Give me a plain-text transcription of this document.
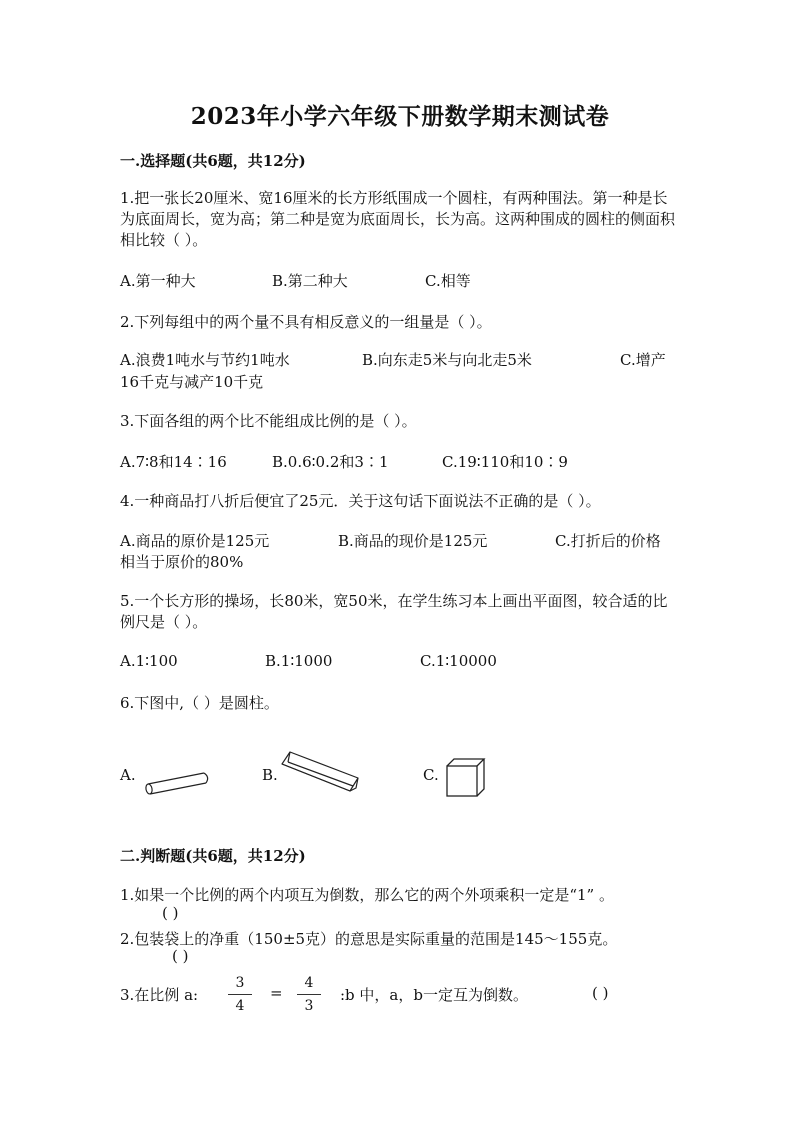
2023年小学六年级下册数学期末测试卷
一.选择题(共6题，共12分)
1.把一张长20厘米、宽16厘米的长方形纸围成一个圆柱，有两种围法。第一种是长为底面周长，宽为高；第二种是宽为底面周长，长为高。这两种围成的圆柱的侧面积相比较（ ）。
A.第一种大	B.第二种大	C.相等
2.下列每组中的两个量不具有相反意义的一组量是（ ）。
A.浪费1吨水与节约1吨水	B.向东走5米与向北走5米	C.增产
16千克与减产10千克
3.下面各组的两个比不能组成比例的是（ ）。
A.7∶8和14∶16	B.0.6∶0.2和3∶1	C.19∶110和10∶9
4.一种商品打八折后便宜了25元．关于这句话下面说法不正确的是（ ）。
A.商品的原价是125元	B.商品的现价是125元	C.打折后的价格
相当于原价的80%
5.一个长方形的操场，长80米，宽50米，在学生练习本上画出平面图，较合适的比例尺是（ ）。
A.1∶100	B.1∶1000	C.1∶10000
6.下图中,（ ）是圆柱。
A.	B.	C.
二.判断题(共6题，共12分)
1.如果一个比例的两个内项互为倒数，那么它的两个外项乘积一定是“1” 。
( )
2.包装袋上的净重（150±5克）的意思是实际重量的范围是145～155克。
( )
3.在比例 a:
3
4
=
4
3
:b 中，a，b一定互为倒数。	( )
